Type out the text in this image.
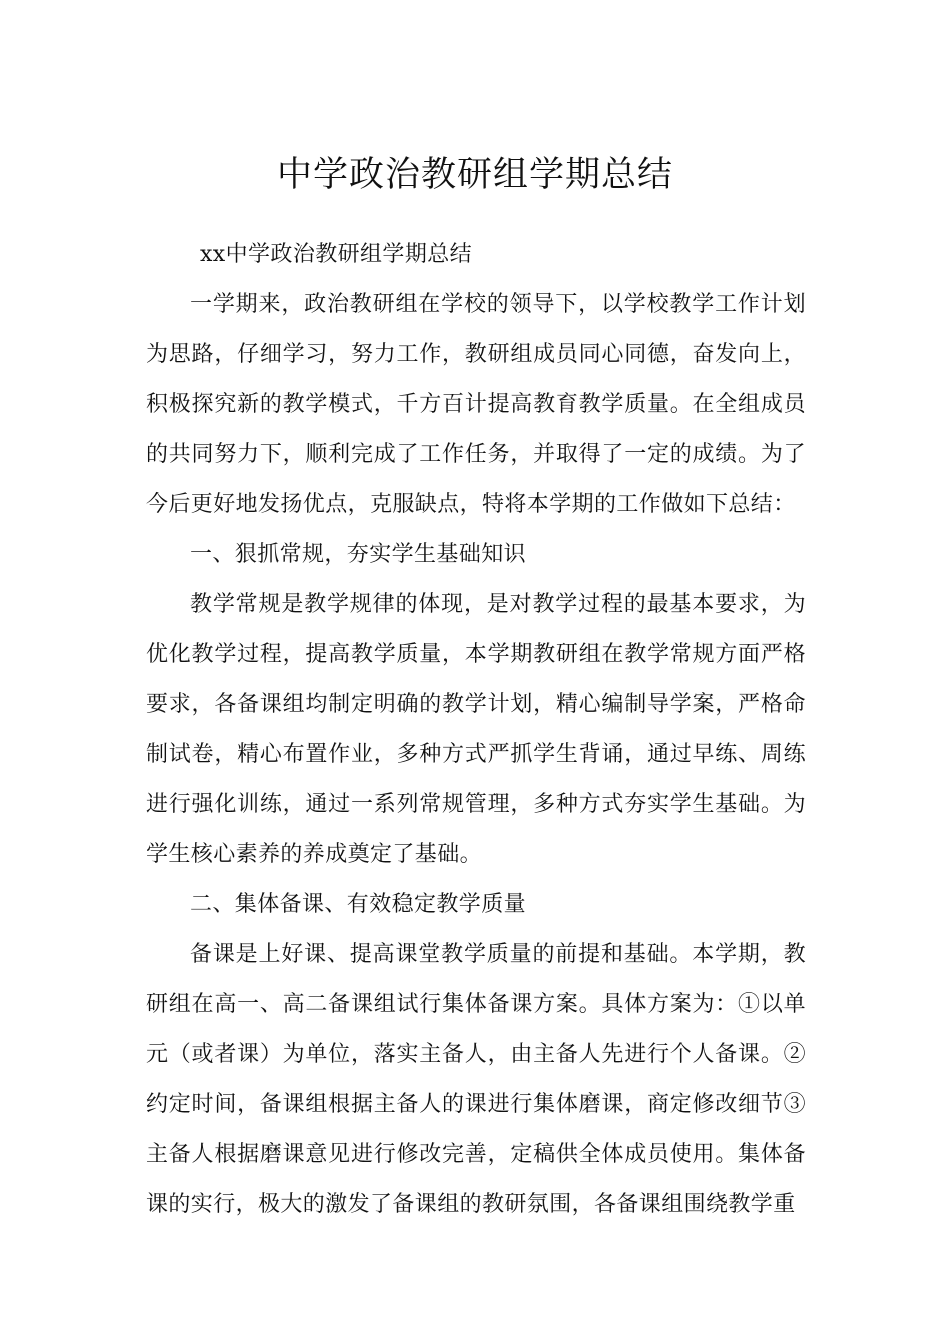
中学政治教研组学期总结

xx中学政治教研组学期总结

一学期来，政治教研组在学校的领导下，以学校教学工作计划为思路，仔细学习，努力工作，教研组成员同心同德，奋发向上，积极探究新的教学模式，千方百计提高教育教学质量。在全组成员的共同努力下，顺利完成了工作任务，并取得了一定的成绩。为了今后更好地发扬优点，克服缺点，特将本学期的工作做如下总结：

一、狠抓常规，夯实学生基础知识

教学常规是教学规律的体现，是对教学过程的最基本要求，为优化教学过程，提高教学质量，本学期教研组在教学常规方面严格要求，各备课组均制定明确的教学计划，精心编制导学案，严格命制试卷，精心布置作业，多种方式严抓学生背诵，通过早练、周练进行强化训练，通过一系列常规管理，多种方式夯实学生基础。为学生核心素养的养成奠定了基础。

二、集体备课、有效稳定教学质量

备课是上好课、提高课堂教学质量的前提和基础。本学期，教研组在高一、高二备课组试行集体备课方案。具体方案为：①以单元（或者课）为单位，落实主备人，由主备人先进行个人备课。②约定时间，备课组根据主备人的课进行集体磨课，商定修改细节③主备人根据磨课意见进行修改完善，定稿供全体成员使用。集体备课的实行，极大的激发了备课组的教研氛围，各备课组围绕教学重
